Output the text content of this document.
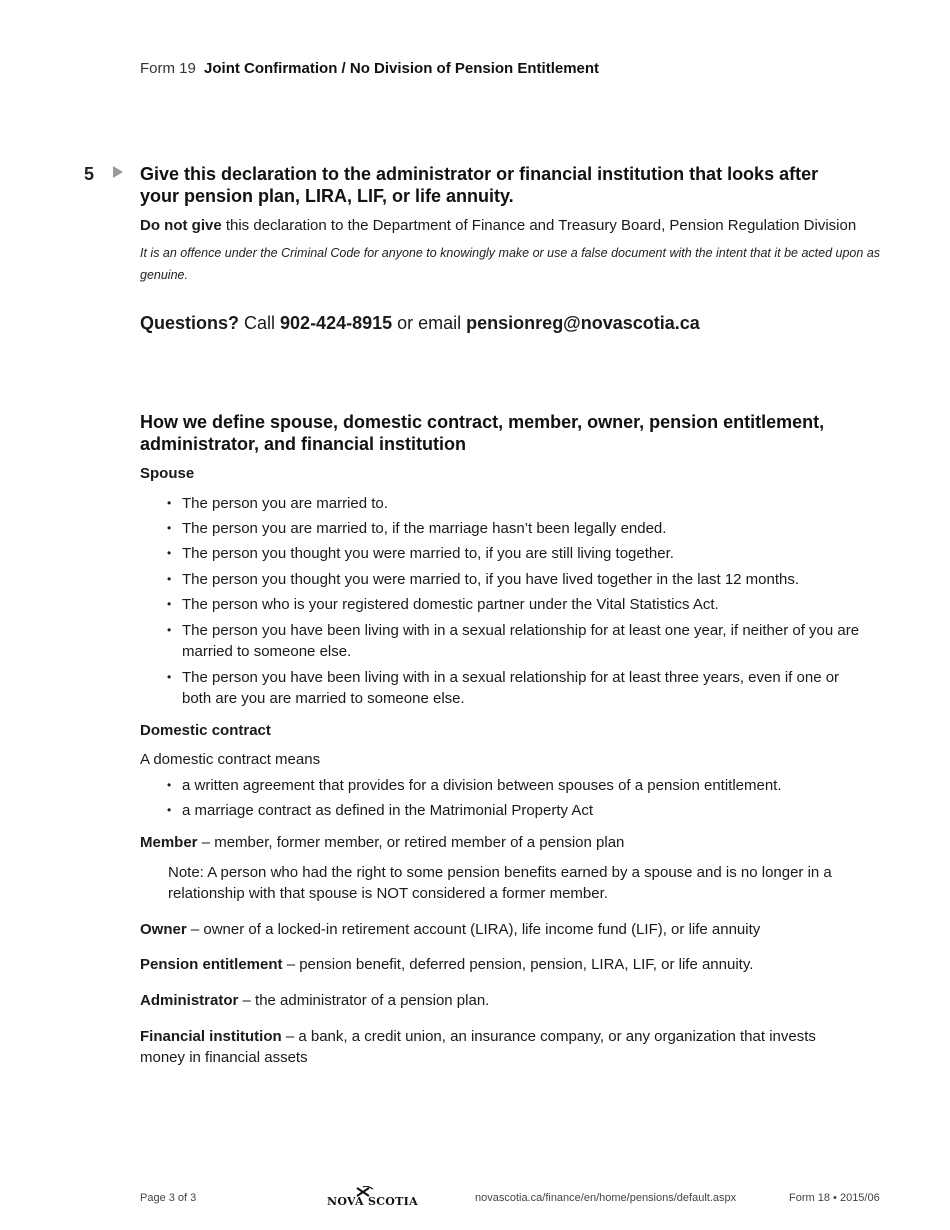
Form 19 Joint Confirmation / No Division of Pension Entitlement
5	Give this declaration to the administrator or financial institution that looks after your pension plan, LIRA, LIF, or life annuity.
Do not give this declaration to the Department of Finance and Treasury Board, Pension Regulation Division
It is an offence under the Criminal Code for anyone to knowingly make or use a false document with the intent that it be acted upon as genuine.
Questions? Call 902-424-8915 or email pensionreg@novascotia.ca
How we define spouse, domestic contract, member, owner, pension entitlement, administrator, and financial institution
Spouse
• The person you are married to.
• The person you are married to, if the marriage hasn’t been legally ended.
• The person you thought you were married to, if you are still living together.
• The person you thought you were married to, if you have lived together in the last 12 months.
• The person who is your registered domestic partner under the Vital Statistics Act.
• The person you have been living with in a sexual relationship for at least one year, if neither of you are married to someone else.
• The person you have been living with in a sexual relationship for at least three years, even if one or both are you are married to someone else.
Domestic contract
A domestic contract means
• a written agreement that provides for a division between spouses of a pension entitlement.
• a marriage contract as defined in the Matrimonial Property Act
Member – member, former member, or retired member of a pension plan
Note: A person who had the right to some pension benefits earned by a spouse and is no longer in a relationship with that spouse is NOT considered a former member.
Owner – owner of a locked-in retirement account (LIRA), life income fund (LIF), or life annuity
Pension entitlement – pension benefit, deferred pension, pension, LIRA, LIF, or life annuity.
Administrator – the administrator of a pension plan.
Financial institution – a bank, a credit union, an insurance company, or any organization that invests money in financial assets
Page 3 of 3	NOVA SCOTIA	novascotia.ca/finance/en/home/pensions/default.aspx	Form 18 • 2015/06
